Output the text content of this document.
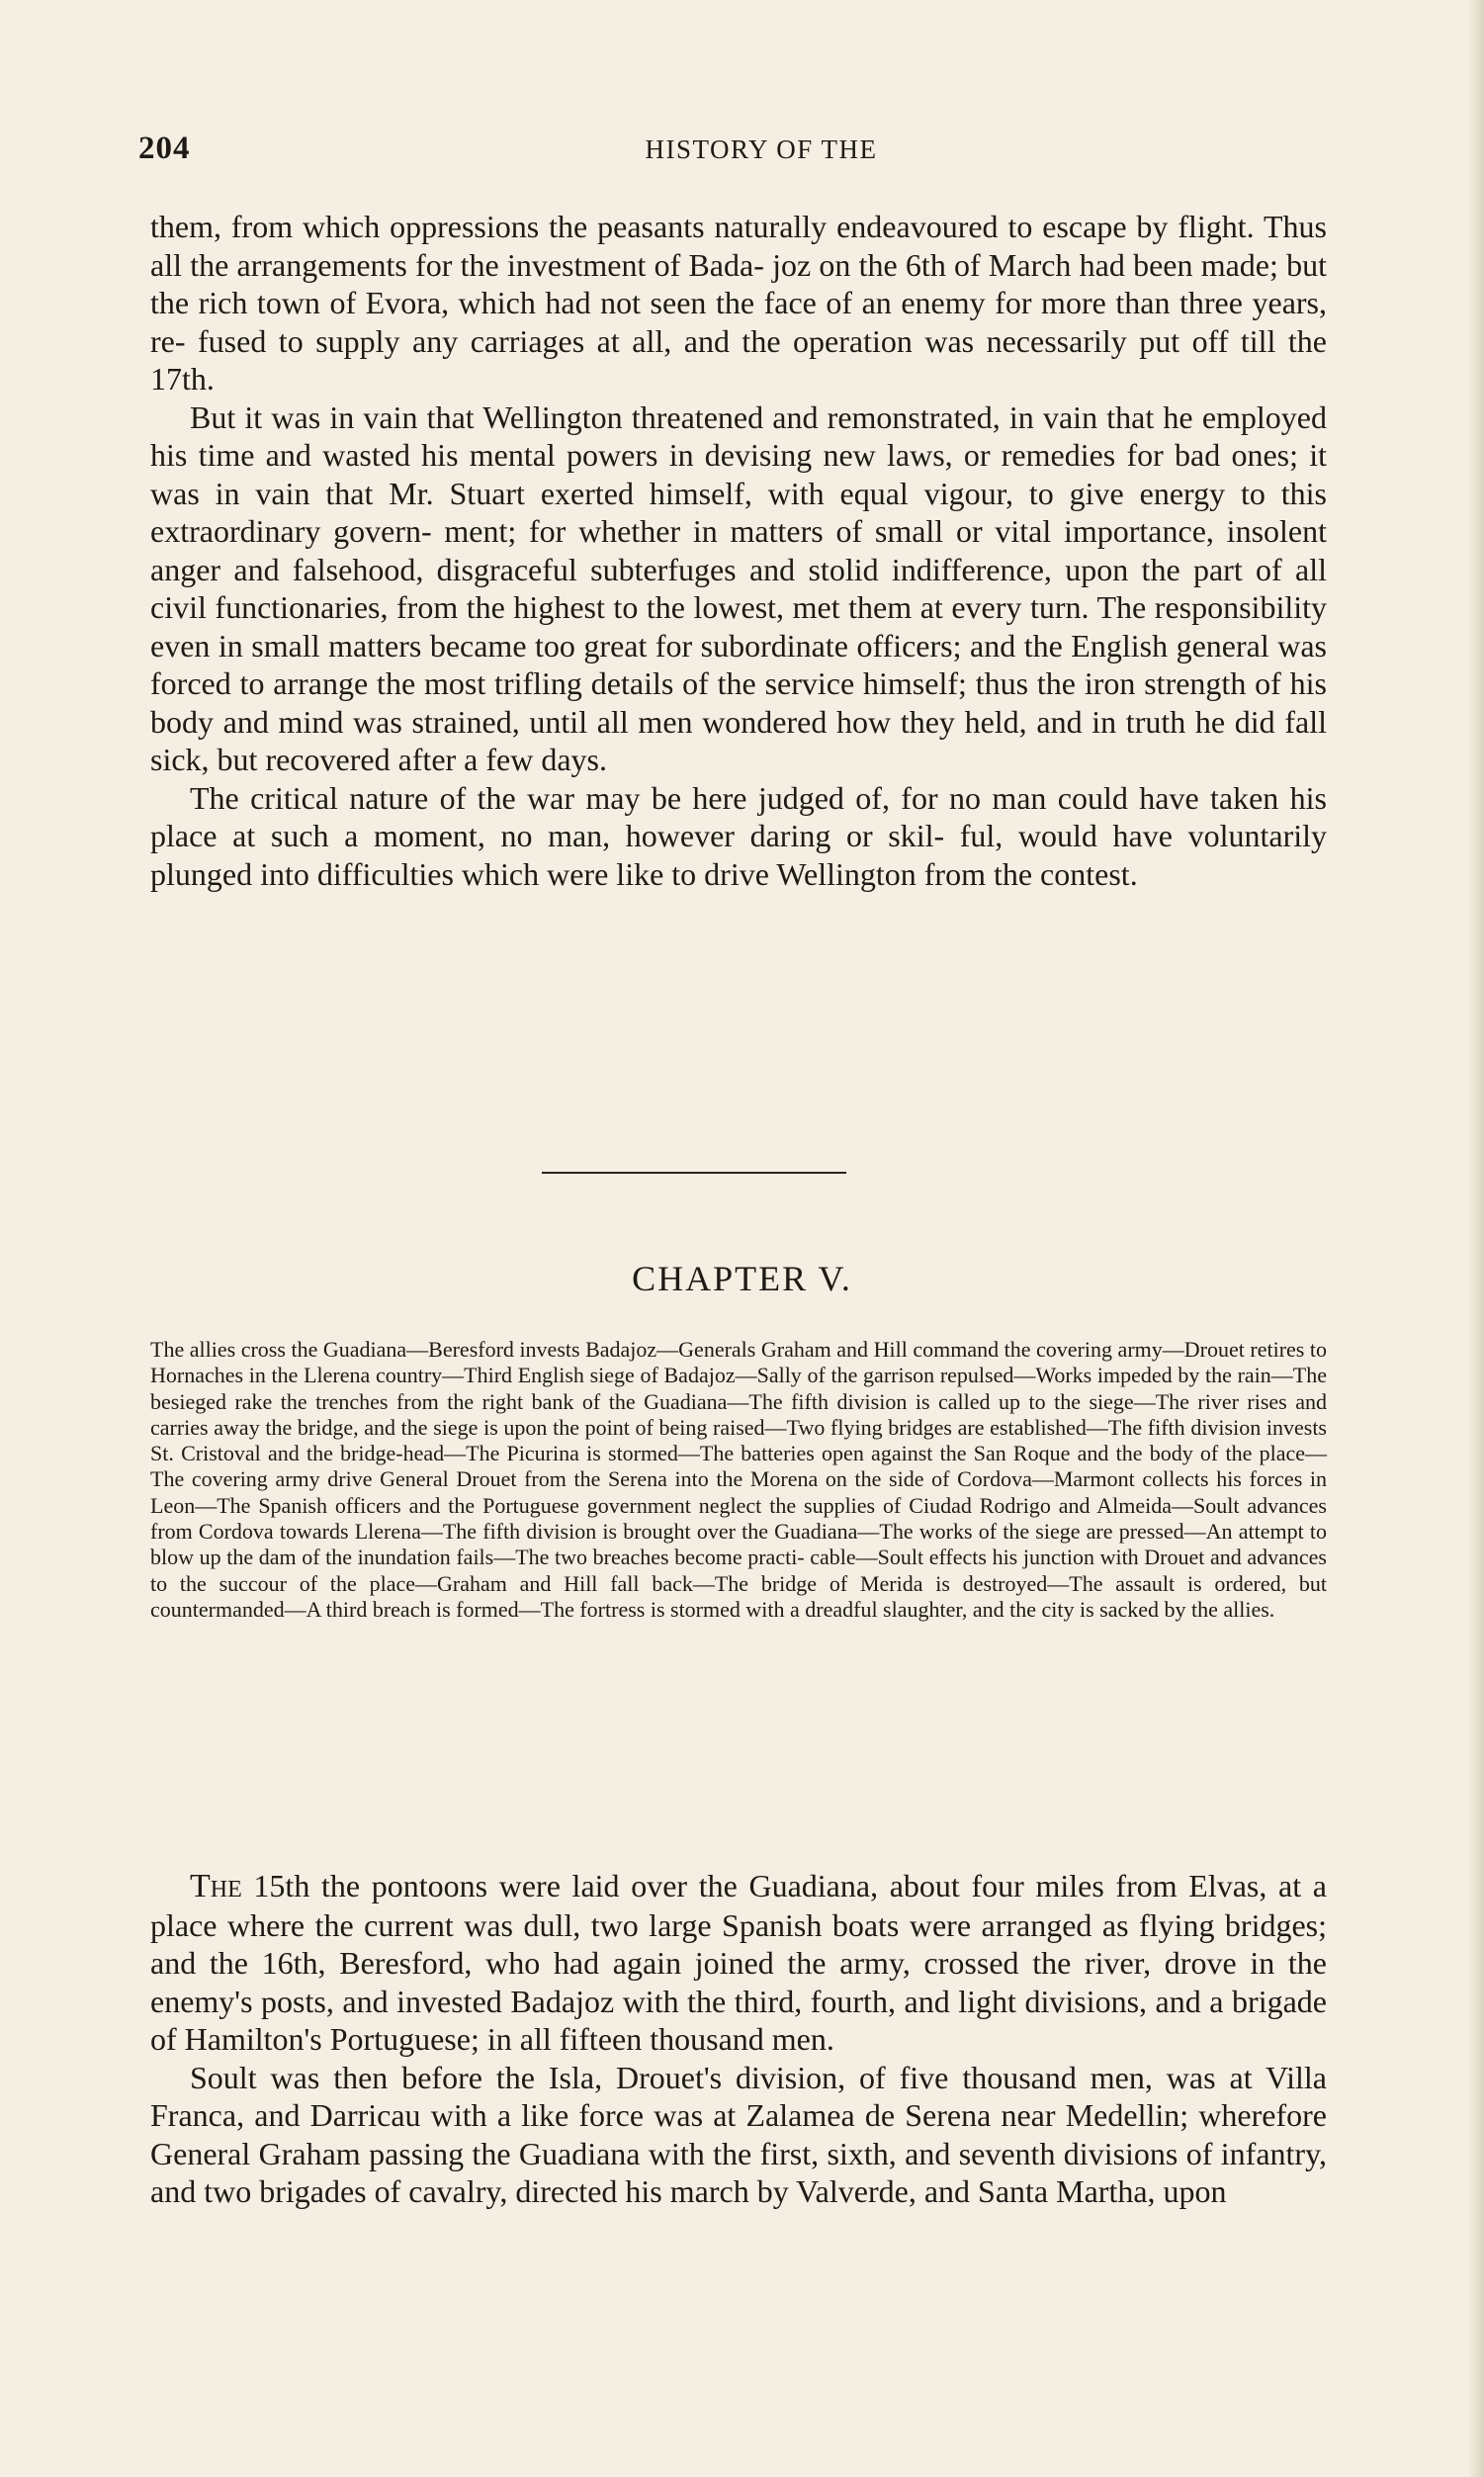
204	HISTORY OF THE

them, from which oppressions the peasants naturally endeavoured to escape by flight. Thus all the arrangements for the investment of Bada- joz on the 6th of March had been made; but the rich town of Evora, which had not seen the face of an enemy for more than three years, re- fused to supply any carriages at all, and the operation was necessarily put off till the 17th.

But it was in vain that Wellington threatened and remonstrated, in vain that he employed his time and wasted his mental powers in devising new laws, or remedies for bad ones; it was in vain that Mr. Stuart exerted himself, with equal vigour, to give energy to this extraordinary govern- ment; for whether in matters of small or vital importance, insolent anger and falsehood, disgraceful subterfuges and stolid indifference, upon the part of all civil functionaries, from the highest to the lowest, met them at every turn. The responsibility even in small matters became too great for subordinate officers; and the English general was forced to arrange the most trifling details of the service himself; thus the iron strength of his body and mind was strained, until all men wondered how they held, and in truth he did fall sick, but recovered after a few days.

The critical nature of the war may be here judged of, for no man could have taken his place at such a moment, no man, however daring or skil- ful, would have voluntarily plunged into difficulties which were like to drive Wellington from the contest.

CHAPTER V.

The allies cross the Guadiana—Beresford invests Badajoz—Generals Graham and Hill command the covering army—Drouet retires to Hornaches in the Llerena country—Third English siege of Badajoz—Sally of the garrison repulsed—Works impeded by the rain—The besieged rake the trenches from the right bank of the Guadiana—The fifth division is called up to the siege—The river rises and carries away the bridge, and the siege is upon the point of being raised—Two flying bridges are established—The fifth division invests St. Cristoval and the bridge-head—The Picurina is stormed—The batteries open against the San Roque and the body of the place—The covering army drive General Drouet from the Serena into the Morena on the side of Cordova—Marmont collects his forces in Leon—The Spanish officers and the Portuguese government neglect the supplies of Ciudad Rodrigo and Almeida—Soult advances from Cordova towards Llerena—The fifth division is brought over the Guadiana—The works of the siege are pressed—An attempt to blow up the dam of the inundation fails—The two breaches become practi- cable—Soult effects his junction with Drouet and advances to the succour of the place—Graham and Hill fall back—The bridge of Merida is destroyed—The assault is ordered, but countermanded—A third breach is formed—The fortress is stormed with a dreadful slaughter, and the city is sacked by the allies.

The 15th the pontoons were laid over the Guadiana, about four miles from Elvas, at a place where the current was dull, two large Spanish boats were arranged as flying bridges; and the 16th, Beresford, who had again joined the army, crossed the river, drove in the enemy's posts, and invested Badajoz with the third, fourth, and light divisions, and a brigade of Hamilton's Portuguese; in all fifteen thousand men.

Soult was then before the Isla, Drouet's division, of five thousand men, was at Villa Franca, and Darricau with a like force was at Zalamea de Serena near Medellin; wherefore General Graham passing the Guadiana with the first, sixth, and seventh divisions of infantry, and two brigades of cavalry, directed his march by Valverde, and Santa Martha, upon
